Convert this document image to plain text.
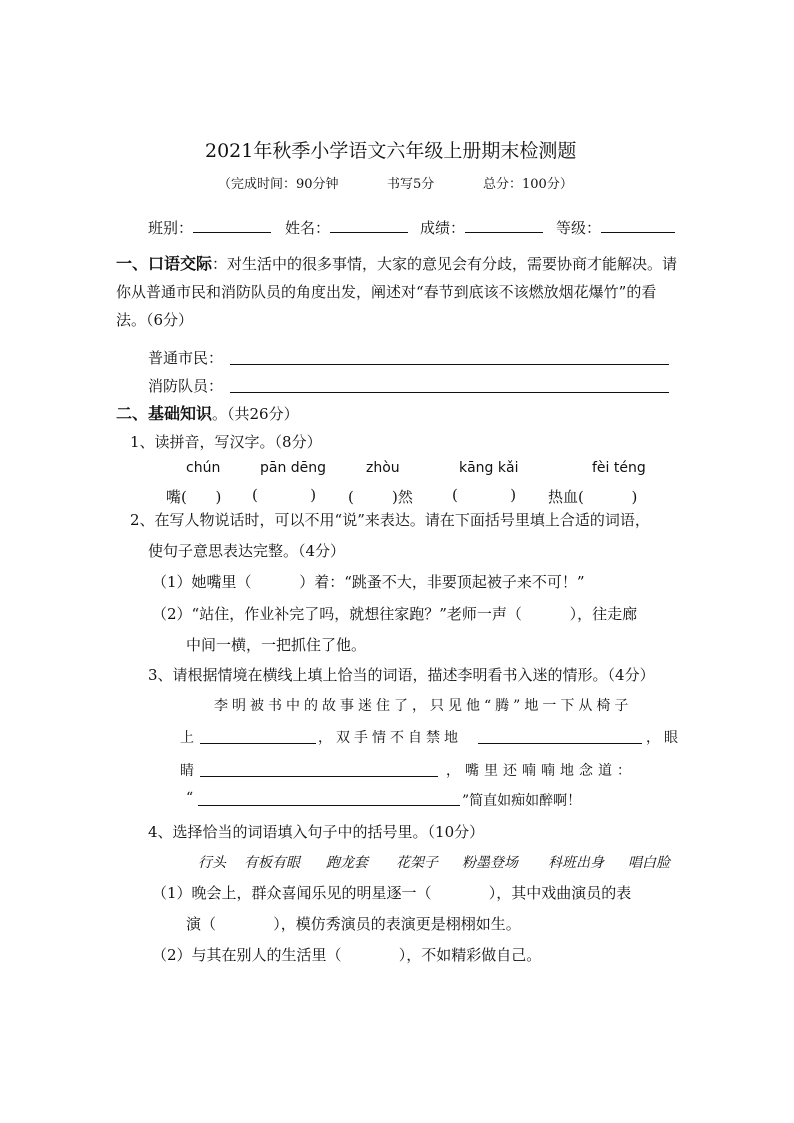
2021年秋季小学语文六年级上册期末检测题
（完成时间：90分钟	书写5分	总分：100分）
班别：	姓名：	成绩：	等级：
一、口语交际：对生活中的很多事情，大家的意见会有分歧，需要协商才能解决。请你从普通市民和消防队员的角度出发，阐述对“春节到底该不该燃放烟花爆竹”的看法。（6分）
普通市民：
消防队员：
二、基础知识。（共26分）
1、读拼音，写汉字。（8分）
chún	pān dēng	zhòu	kāng kǎi	fèi téng
嘴(      ) (           ) (        )然	(           ) 热血(          )
2、在写人物说话时，可以不用“说”来表达。请在下面括号里填上合适的词语，
使句子意思表达完整。（4分）
（1）她嘴里（          ）着：“跳蚤不大，非要顶起被子来不可！”
（2）“站住，作业补完了吗，就想往家跑？”老师一声（          ），往走廊
中间一横，一把抓住了他。
3、请根据情境在横线上填上恰当的词语，描述李明看书入迷的情形。（4分）
李明被书中的故事迷住了，只见他“腾”地一下从椅子
上	，双手情不自禁地	，眼
睛	，嘴里还喃喃地念道：
“	”简直如痴如醉啊！
4、选择恰当的词语填入句子中的括号里。（10分）
行头 有板有眼 跑龙套 花架子 粉墨登场 科班出身 唱白脸
（1）晚会上，群众喜闻乐见的明星逐一（            ），其中戏曲演员的表
演（            ），模仿秀演员的表演更是栩栩如生。
（2）与其在别人的生活里（            ），不如精彩做自己。
